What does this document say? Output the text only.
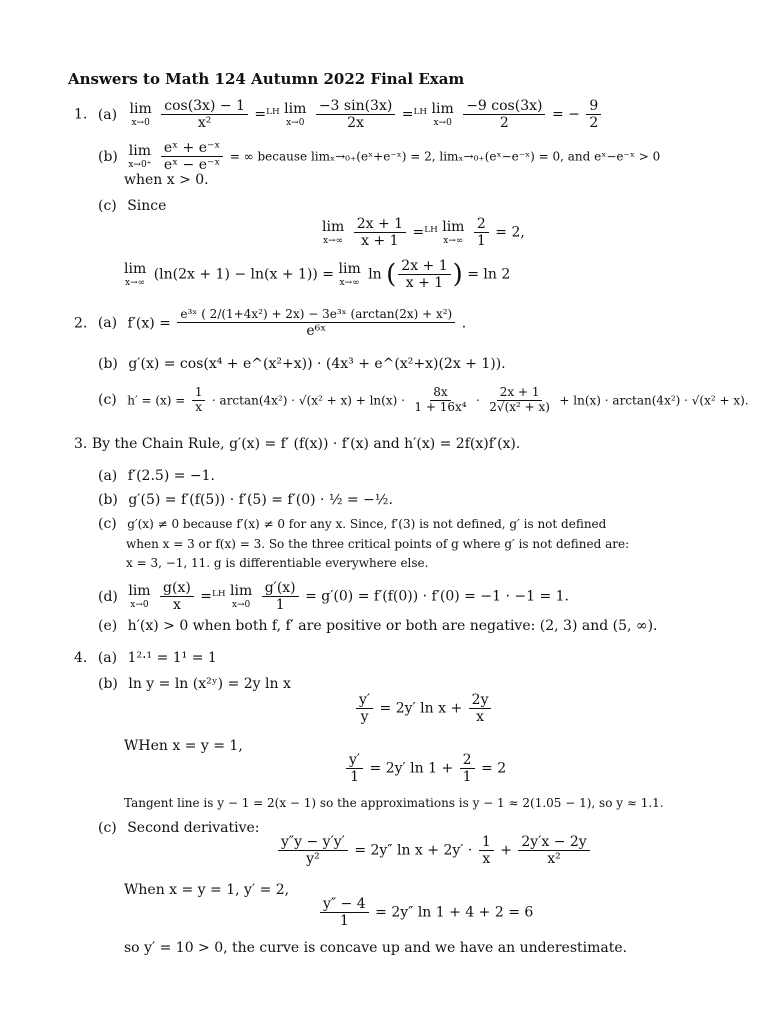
Answers to Math 124 Autumn 2022 Final Exam
1. (a) lim
x→0
$\frac{\cos(3x) - 1}{\text{x²}}$ =ᴸᴴ lim
x→0
$\frac{-3 \sin(3x)}{2x}$ =ᴸᴴ lim
x→0
$\frac{-9 \cos(3x)}{2}$ = − $\frac{9}{2}$
(b) lim
x→0⁺
$\frac{\text{eˣ + e⁻ˣ}}{\text{eˣ − e⁻ˣ}}$ = ∞ because limₓ→₀₊(eˣ+e⁻ˣ) = 2, limₓ→₀₊(eˣ−e⁻ˣ) = 0, and eˣ−e⁻ˣ > 0
when x > 0.
(c) Since
lim
x→∞
$\frac{2x + 1}{x + 1}$ =ᴸᴴ lim
x→∞
$\frac{2}{1} = 2$,
lim
x→∞
(ln(2x + 1) − ln(x + 1)) = lim
x→∞
ln ( $\frac{2x + 1}{x + 1}$ ) = ln 2
2. (a) $f'(x) = \frac{\text{e³ˣ ( 2/(1+4x²) + 2x) − 3e³ˣ (arctan(2x) + x²)}}{\text{e⁶ˣ}}$ .
(b) g′(x) = cos(x⁴ + e^(x²+x)) · (4x³ + e^(x²+x)(2x + 1)).
(c) $h' = (x) = \frac{1}{x} \cdot \arctan(4x^2) \cdot √(x^2 + x) + \ln(x) \cdot \frac{8x}{\text{1 + 16x⁴}} \cdot \frac{2x + 1}{\text{2√(x² + x)}} + \ln(x) \cdot \arctan(4x^2) \cdot √(x^2 + x)$.
3. By the Chain Rule, g′(x) = f′ (f(x)) · f′(x) and h′(x) = 2f(x)f′(x).
(a) f′(2.5) = −1.
(b) g′(5) = f′(f(5)) · f′(5) = f′(0) · ½ = −½.
(c) g′(x) ≠ 0 because f′(x) ≠ 0 for any x. Since, f′(3) is not defined, g′ is not defined
when x = 3 or f(x) = 3. So the three critical points of g where g′ is not defined are:
x = 3, −1, 11. g is differentiable everywhere else.
(d) lim
x→0
$\frac{g(x)}{x}$ =ᴸᴴ lim
x→0
$\frac{g'(x)}{1} = g'(0) = f'(f(0)) \cdot f'(0) = -1 \cdot -1 = 1$.
(e) h′(x) > 0 when both f, f′ are positive or both are negative: (2, 3) and (5, ∞).
4. (a) 1²·¹ = 1¹ = 1
(b) ln y = ln (x²ʸ) = 2y ln x
$\frac{y'}{y} = 2y'$ $\ln x + \frac{2y}{x}$
WHen x = y = 1,
$\frac{y'}{1} = 2y'$ $\ln 1 + \frac{2}{1} = 2$
Tangent line is y − 1 = 2(x − 1) so the approximations is y − 1 ≈ 2(1.05 − 1), so y ≈ 1.1.
(c) Second derivative:
$\frac{y''y - y'y'}{\text{y²}} = 2y''$ $\ln x + 2y' \cdot \frac{1}{x} + \frac{2y'x - 2y}{\text{x²}}$
When x = y = 1, y′ = 2,
$\frac{y'' - 4}{1} = 2y''$ ln 1 + 4 + 2 = 6
so y′ = 10 > 0, the curve is concave up and we have an underestimate.
